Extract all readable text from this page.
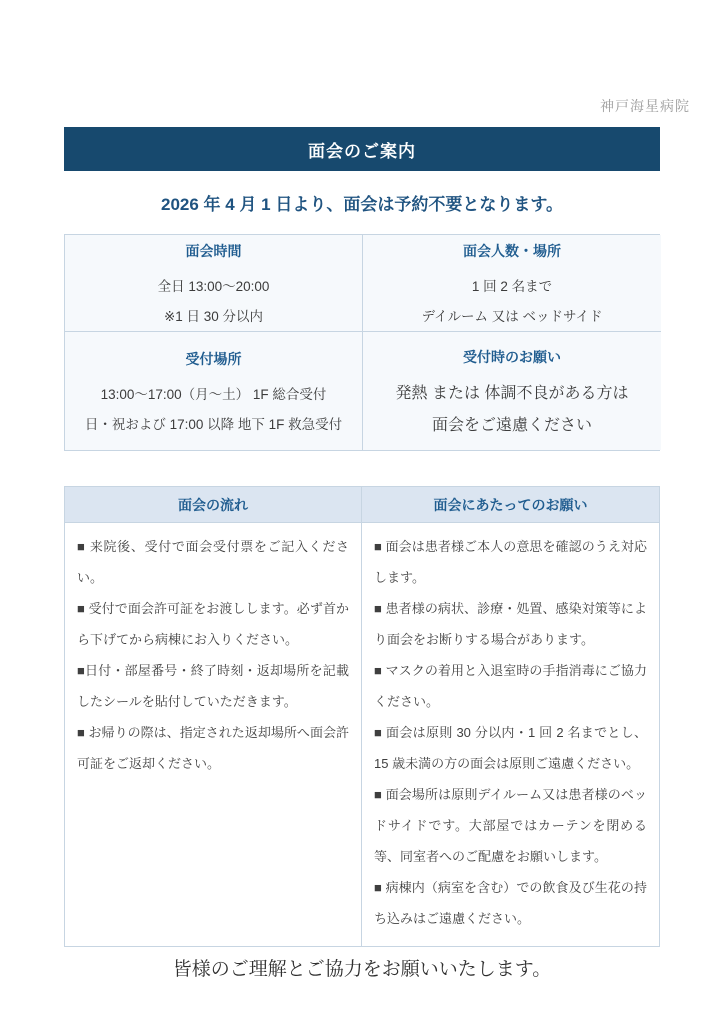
神戸海星病院
面会のご案内
2026 年 4 月 1 日より、面会は予約不要となります。
面会時間
全日 13:00～20:00
※1 日 30 分以内
面会人数・場所
1 回 2 名まで
デイルーム 又は ベッドサイド
受付場所
13:00～17:00（月～土） 1F 総合受付
日・祝および 17:00 以降 地下 1F 救急受付
受付時のお願い
発熱 または 体調不良がある方は
面会をご遠慮ください
面会の流れ	面会にあたってのお願い

■ 来院後、受付で面会受付票をご記入ください。

■ 受付で面会許可証をお渡しします。必ず首から下げてから病棟にお入りください。

■日付・部屋番号・終了時刻・返却場所を記載したシールを貼付していただきます。

■ お帰りの際は、指定された返却場所へ面会許可証をご返却ください。

■ 面会は患者様ご本人の意思を確認のうえ対応します。

■ 患者様の病状、診療・処置、感染対策等により面会をお断りする場合があります。

■ マスクの着用と入退室時の手指消毒にご協力ください。

■ 面会は原則 30 分以内・1 回 2 名までとし、15 歳未満の方の面会は原則ご遠慮ください。

■ 面会場所は原則デイルーム又は患者様のベッドサイドです。大部屋ではカーテンを閉める等、同室者へのご配慮をお願いします。

■ 病棟内（病室を含む）での飲食及び生花の持ち込みはご遠慮ください。

皆様のご理解とご協力をお願いいたします。
